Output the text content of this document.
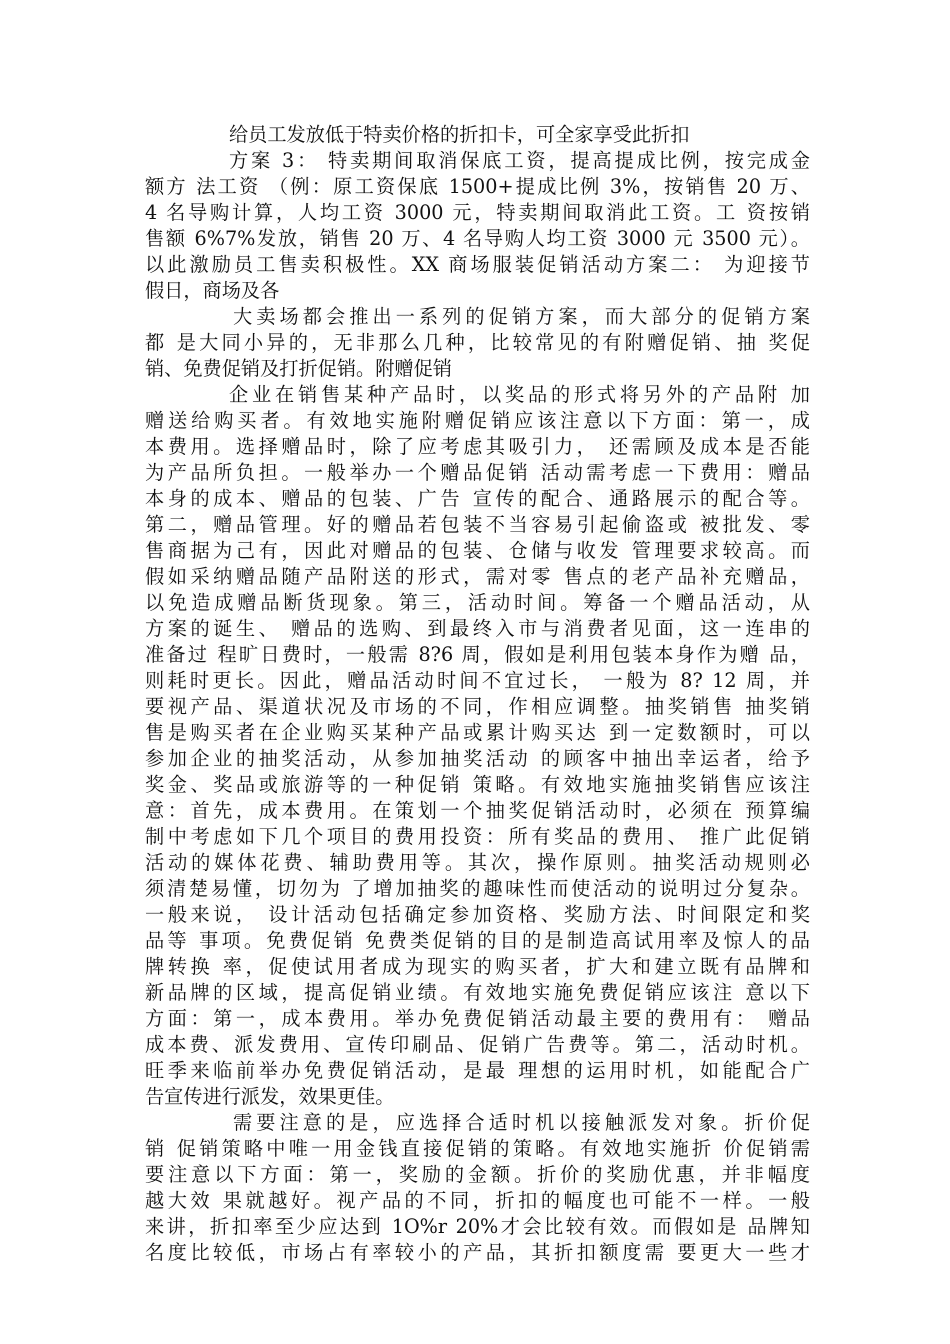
给员工发放低于特卖价格的折扣卡，可全家享受此折扣
方案 3： 特卖期间取消保底工资，提高提成比例，按完成金
额方 法工资 （例：原工资保底 1500+提成比例 3%，按销售 20 万、
4 名导购计算，人均工资 3000 元，特卖期间取消此工资。工 资按销
售额 6%7%发放，销售 20 万、4 名导购人均工资 3000 元 3500 元）。
以此激励员工售卖积极性。XX 商场服装促销活动方案二： 为迎接节
假日，商场及各
大卖场都会推出一系列的促销方案，而大部分的促销方案
都 是大同小异的，无非那么几种，比较常见的有附赠促销、抽 奖促
销、免费促销及打折促销。附赠促销
企业在销售某种产品时，以奖品的形式将另外的产品附 加
赠送给购买者。有效地实施附赠促销应该注意以下方面：第一，成
本费用。选择赠品时，除了应考虑其吸引力， 还需顾及成本是否能
为产品所负担。一般举办一个赠品促销 活动需考虑一下费用：赠品
本身的成本、赠品的包装、广告 宣传的配合、通路展示的配合等。
第二，赠品管理。好的赠品若包装不当容易引起偷盗或 被批发、零
售商据为己有，因此对赠品的包装、仓储与收发 管理要求较高。而
假如采纳赠品随产品附送的形式，需对零 售点的老产品补充赠品，
以免造成赠品断货现象。第三，活动时间。筹备一个赠品活动，从
方案的诞生、 赠品的选购、到最终入市与消费者见面，这一连串的
准备过 程旷日费时，一般需 8?6 周，假如是利用包装本身作为赠 品，
则耗时更长。因此，赠品活动时间不宜过长， 一般为 8? 12 周，并
要视产品、渠道状况及市场的不同，作相应调整。抽奖销售 抽奖销
售是购买者在企业购买某种产品或累计购买达 到一定数额时，可以
参加企业的抽奖活动，从参加抽奖活动 的顾客中抽出幸运者，给予
奖金、奖品或旅游等的一种促销 策略。有效地实施抽奖销售应该注
意：首先，成本费用。在策划一个抽奖促销活动时，必须在 预算编
制中考虑如下几个项目的费用投资：所有奖品的费用、 推广此促销
活动的媒体花费、辅助费用等。其次，操作原则。抽奖活动规则必
须清楚易懂，切勿为 了增加抽奖的趣味性而使活动的说明过分复杂。
一般来说， 设计活动包括确定参加资格、奖励方法、时间限定和奖
品等 事项。免费促销 免费类促销的目的是制造高试用率及惊人的品
牌转换 率，促使试用者成为现实的购买者，扩大和建立既有品牌和
新品牌的区域，提高促销业绩。有效地实施免费促销应该注 意以下
方面：第一，成本费用。举办免费促销活动最主要的费用有： 赠品
成本费、派发费用、宣传印刷品、促销广告费等。第二，活动时机。
旺季来临前举办免费促销活动，是最 理想的运用时机，如能配合广
告宣传进行派发，效果更佳。
需要注意的是，应选择合适时机以接触派发对象。折价促
销 促销策略中唯一用金钱直接促销的策略。有效地实施折 价促销需
要注意以下方面：第一，奖励的金额。折价的奖励优惠，并非幅度
越大效 果就越好。视产品的不同，折扣的幅度也可能不一样。一般
来讲，折扣率至少应达到 1O%r 20%才会比较有效。而假如是 品牌知
名度比较低，市场占有率较小的产品，其折扣额度需 要更大一些才
